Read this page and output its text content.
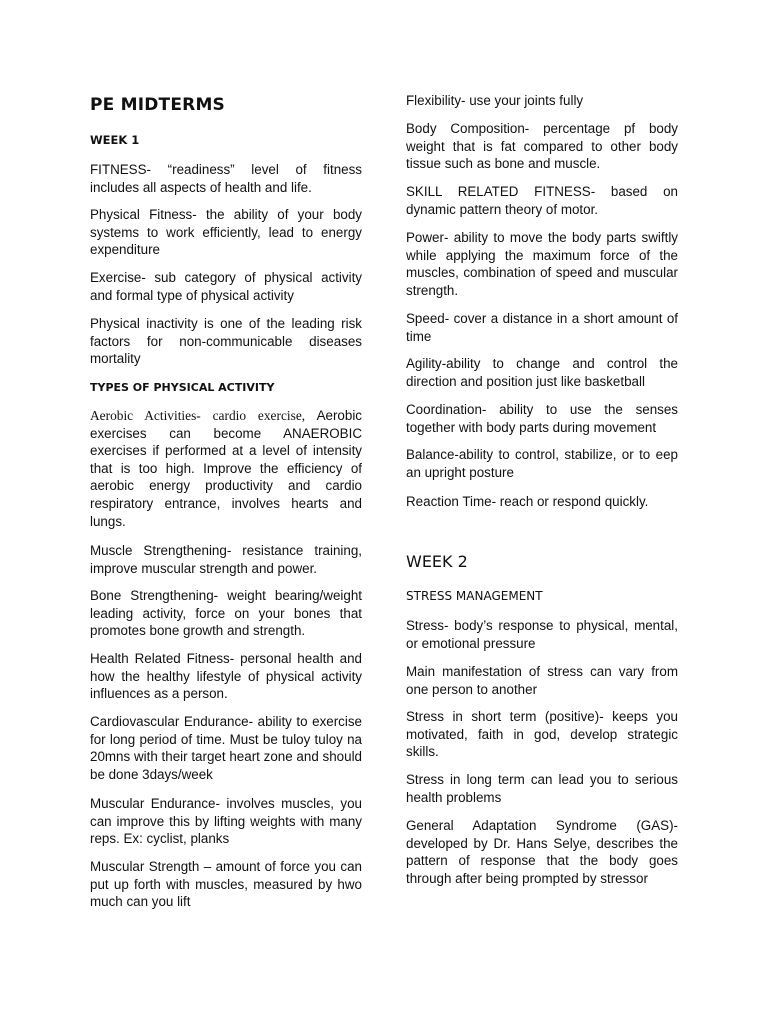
PE MIDTERMS
WEEK 1

FITNESS- “readiness” level of fitness includes all aspects of health and life.

Physical Fitness- the ability of your body systems to work efficiently, lead to energy expenditure

Exercise- sub category of physical activity and formal type of physical activity

Physical inactivity is one of the leading risk factors for non-communicable diseases mortality

TYPES OF PHYSICAL ACTIVITY

Aerobic Activities- cardio exercise, Aerobic exercises can become ANAEROBIC exercises if performed at a level of intensity that is too high. Improve the efficiency of aerobic energy productivity and cardio respiratory entrance, involves hearts and lungs.

Muscle Strengthening- resistance training, improve muscular strength and power.

Bone Strengthening- weight bearing/weight leading activity, force on your bones that promotes bone growth and strength.

Health Related Fitness- personal health and how the healthy lifestyle of physical activity influences as a person.

Cardiovascular Endurance- ability to exercise for long period of time. Must be tuloy tuloy na 20mns with their target heart zone and should be done 3days/week

Muscular Endurance- involves muscles, you can improve this by lifting weights with many reps. Ex: cyclist, planks

Muscular Strength – amount of force you can put up forth with muscles, measured by hwo much can you lift

Flexibility- use your joints fully

Body Composition- percentage pf body weight that is fat compared to other body tissue such as bone and muscle.

SKILL RELATED FITNESS- based on dynamic pattern theory of motor.

Power- ability to move the body parts swiftly while applying the maximum force of the muscles, combination of speed and muscular strength.

Speed- cover a distance in a short amount of time

Agility-ability to change and control the direction and position just like basketball

Coordination- ability to use the senses together with body parts during movement

Balance-ability to control, stabilize, or to eep an upright posture

Reaction Time- reach or respond quickly.

WEEK 2
STRESS MANAGEMENT

Stress- body’s response to physical, mental, or emotional pressure

Main manifestation of stress can vary from one person to another

Stress in short term (positive)- keeps you motivated, faith in god, develop strategic skills.

Stress in long term can lead you to serious health problems

General Adaptation Syndrome (GAS)- developed by Dr. Hans Selye, describes the pattern of response that the body goes through after being prompted by stressor
